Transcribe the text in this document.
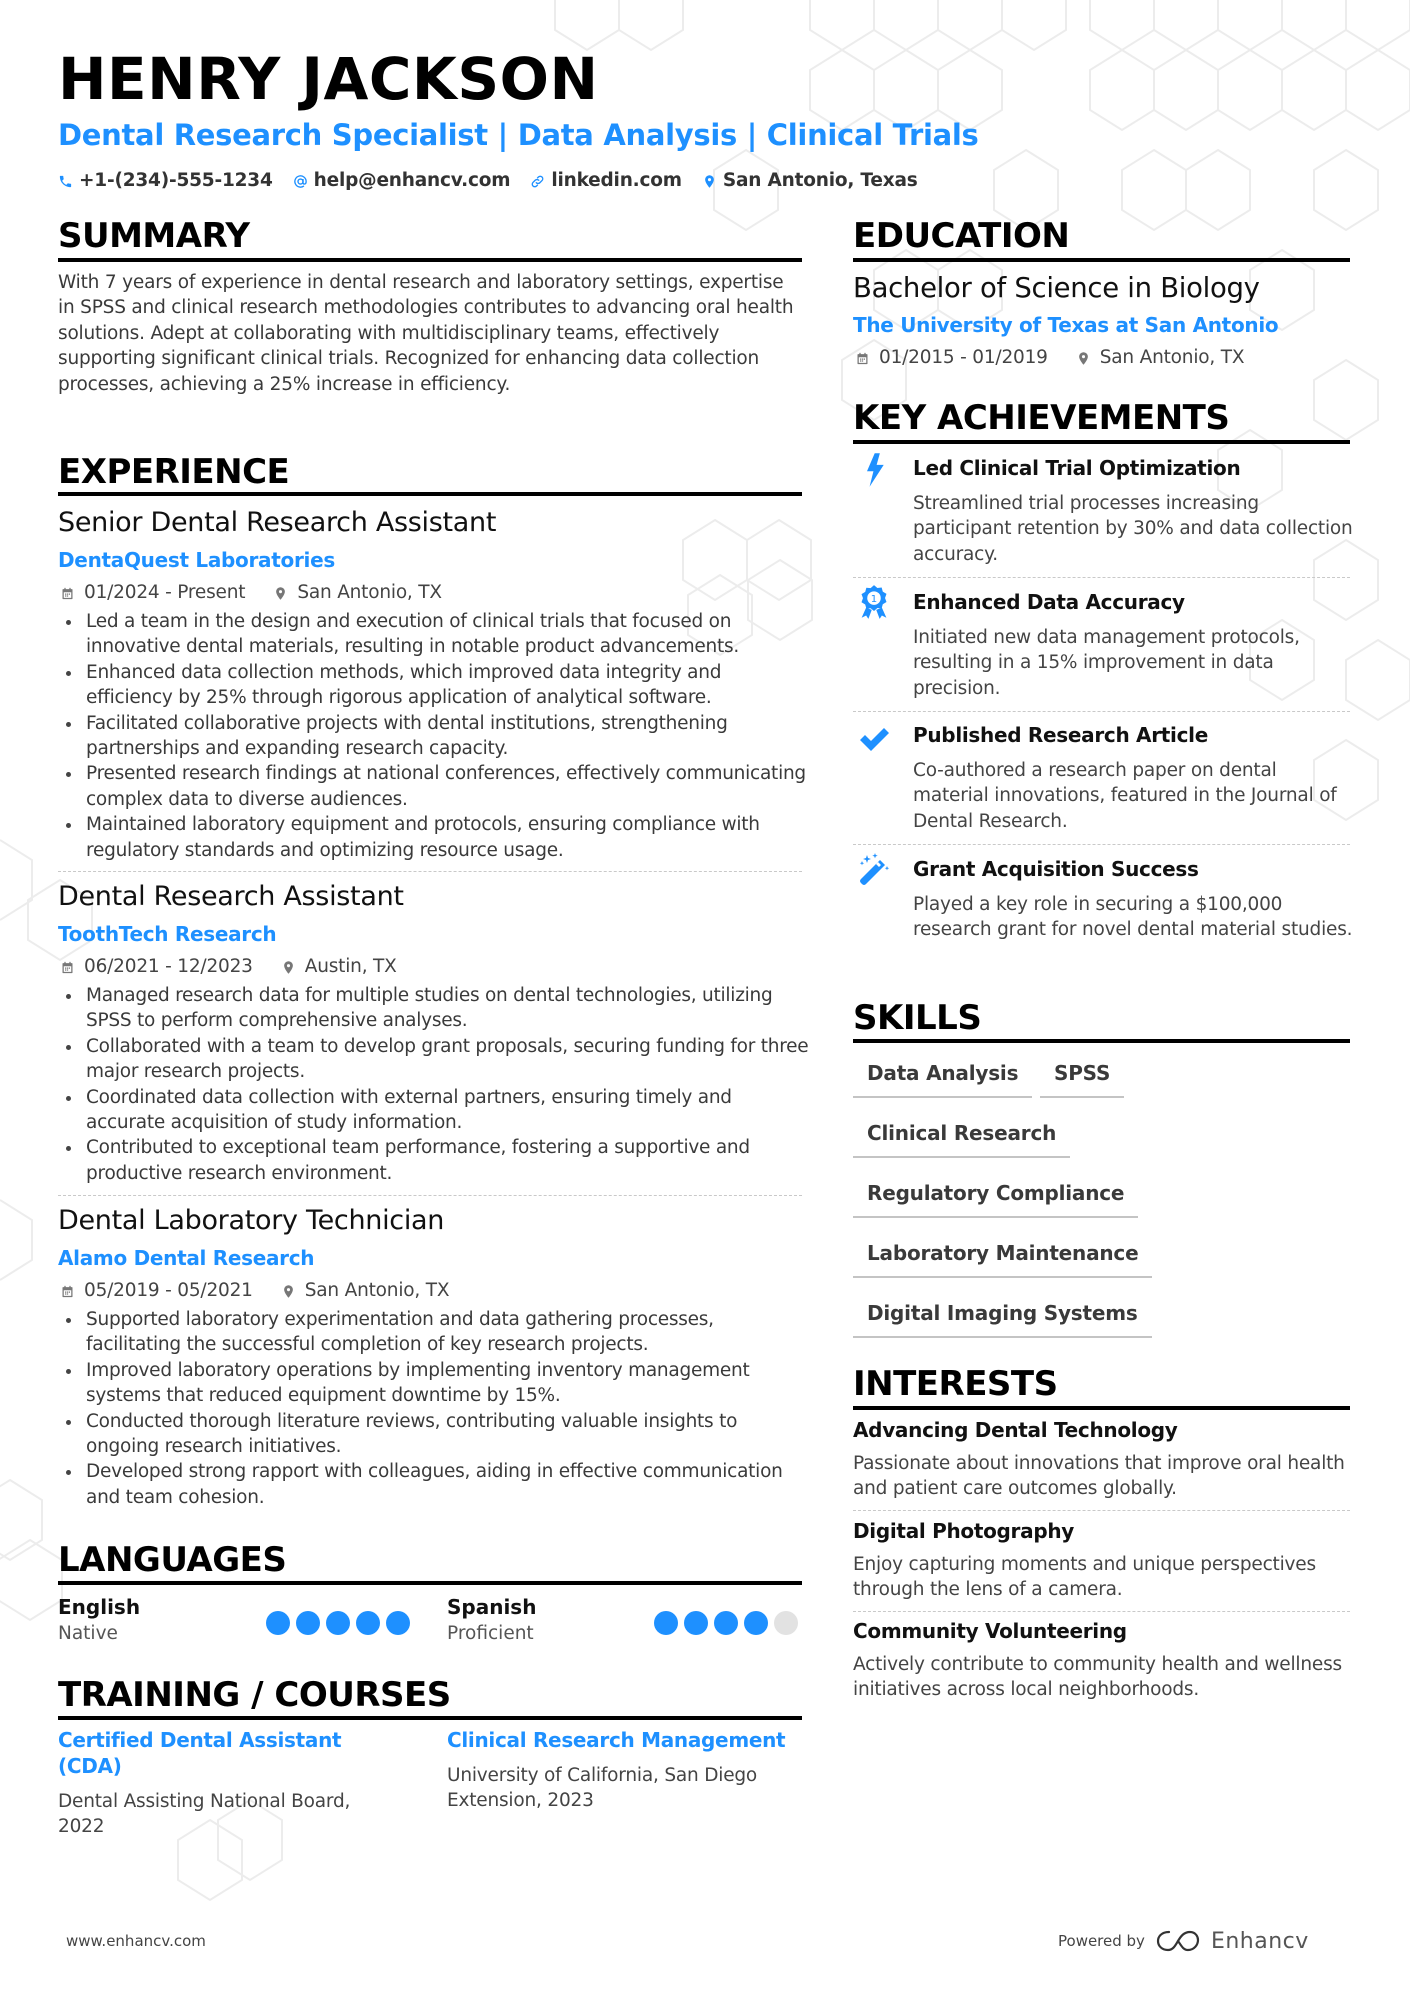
HENRY JACKSON
Dental Research Specialist | Data Analysis | Clinical Trials
+1-(234)-555-1234 help@enhancv.com linkedin.com San Antonio, Texas
SUMMARY
With 7 years of experience in dental research and laboratory settings, expertise in SPSS and clinical research methodologies contributes to advancing oral health solutions. Adept at collaborating with multidisciplinary teams, effectively supporting significant clinical trials. Recognized for enhancing data collection processes, achieving a 25% increase in efficiency.
EXPERIENCE
Senior Dental Research Assistant
DentaQuest Laboratories
01/2024 - Present	San Antonio, TX
Led a team in the design and execution of clinical trials that focused on innovative dental materials, resulting in notable product advancements.
Enhanced data collection methods, which improved data integrity and efficiency by 25% through rigorous application of analytical software.
Facilitated collaborative projects with dental institutions, strengthening partnerships and expanding research capacity.
Presented research findings at national conferences, effectively communicating complex data to diverse audiences.
Maintained laboratory equipment and protocols, ensuring compliance with regulatory standards and optimizing resource usage.
Dental Research Assistant
ToothTech Research
06/2021 - 12/2023	Austin, TX
Managed research data for multiple studies on dental technologies, utilizing SPSS to perform comprehensive analyses.
Collaborated with a team to develop grant proposals, securing funding for three major research projects.
Coordinated data collection with external partners, ensuring timely and accurate acquisition of study information.
Contributed to exceptional team performance, fostering a supportive and productive research environment.
Dental Laboratory Technician
Alamo Dental Research
05/2019 - 05/2021	San Antonio, TX
Supported laboratory experimentation and data gathering processes, facilitating the successful completion of key research projects.
Improved laboratory operations by implementing inventory management systems that reduced equipment downtime by 15%.
Conducted thorough literature reviews, contributing valuable insights to ongoing research initiatives.
Developed strong rapport with colleagues, aiding in effective communication and team cohesion.
LANGUAGES
English
Native
Spanish
Proficient
TRAINING / COURSES
Certified Dental Assistant (CDA)
Dental Assisting National Board, 2022
Clinical Research Management
University of California, San Diego Extension, 2023
EDUCATION
Bachelor of Science in Biology
The University of Texas at San Antonio
01/2015 - 01/2019	San Antonio, TX
KEY ACHIEVEMENTS
Led Clinical Trial Optimization
Streamlined trial processes increasing participant retention by 30% and data collection accuracy.
1 Enhanced Data Accuracy
Initiated new data management protocols, resulting in a 15% improvement in data precision.
Published Research Article
Co-authored a research paper on dental material innovations, featured in the Journal of Dental Research.
Grant Acquisition Success
Played a key role in securing a $100,000 research grant for novel dental material studies.
SKILLS
Data Analysis	SPSS
Clinical Research
Regulatory Compliance
Laboratory Maintenance
Digital Imaging Systems
INTERESTS
Advancing Dental Technology
Passionate about innovations that improve oral health and patient care outcomes globally.
Digital Photography
Enjoy capturing moments and unique perspectives through the lens of a camera.
Community Volunteering
Actively contribute to community health and wellness initiatives across local neighborhoods.
www.enhancv.com	Powered by	Enhancv
